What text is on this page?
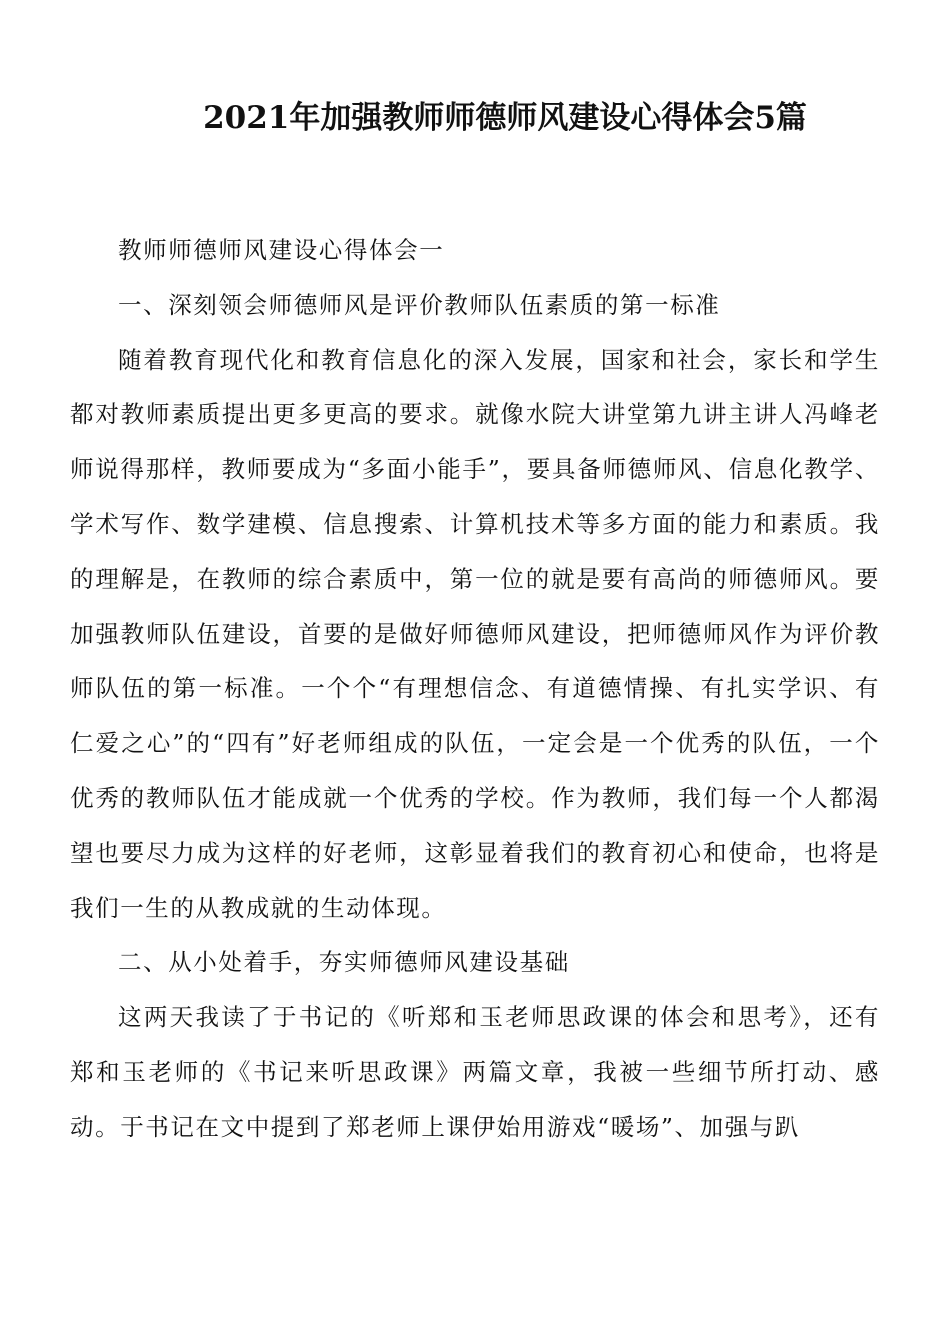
2021年加强教师师德师风建设心得体会5篇

教师师德师风建设心得体会一

一、深刻领会师德师风是评价教师队伍素质的第一标准

随着教育现代化和教育信息化的深入发展，国家和社会，家长和学生都对教师素质提出更多更高的要求。就像水院大讲堂第九讲主讲人冯峰老师说得那样，教师要成为“多面小能手”，要具备师德师风、信息化教学、学术写作、数学建模、信息搜索、计算机技术等多方面的能力和素质。我的理解是，在教师的综合素质中，第一位的就是要有高尚的师德师风。要加强教师队伍建设，首要的是做好师德师风建设，把师德师风作为评价教师队伍的第一标准。一个个“有理想信念、有道德情操、有扎实学识、有仁爱之心”的“四有”好老师组成的队伍，一定会是一个优秀的队伍，一个优秀的教师队伍才能成就一个优秀的学校。作为教师，我们每一个人都渴望也要尽力成为这样的好老师，这彰显着我们的教育初心和使命，也将是我们一生的从教成就的生动体现。

二、从小处着手，夯实师德师风建设基础

这两天我读了于书记的《听郑和玉老师思政课的体会和思考》，还有郑和玉老师的《书记来听思政课》两篇文章，我被一些细节所打动、感动。于书记在文中提到了郑老师上课伊始用游戏“暖场”、加强与趴
